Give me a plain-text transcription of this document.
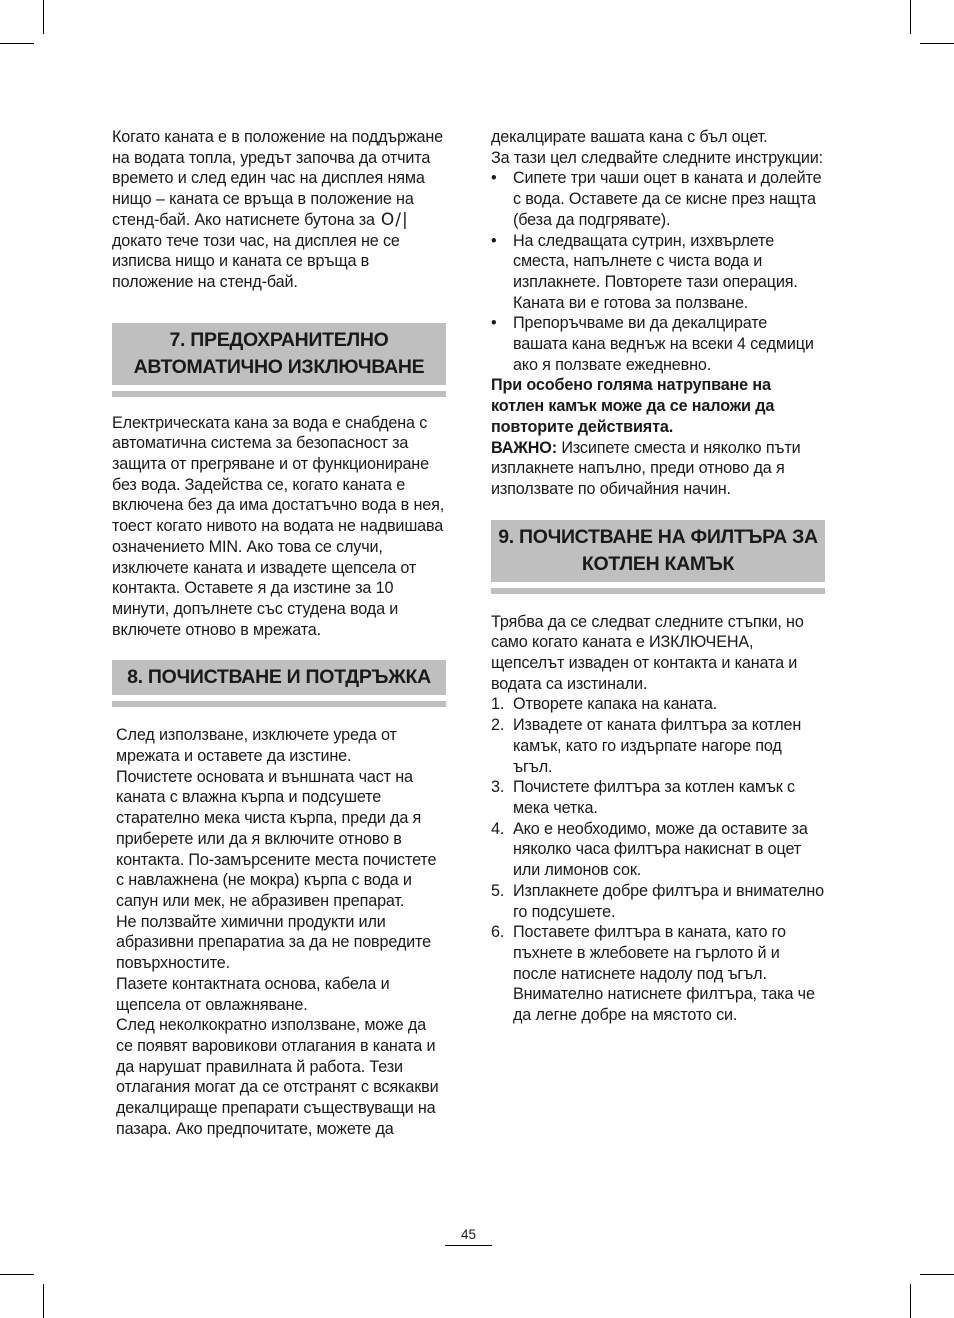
Когато каната е в положение на поддържане на водата топла, уредът започва да отчита времето и след един час на дисплея няма нищо – каната се връща в положение на стенд-бай. Ако натиснете бутона за O/|докато тече този час, на дисплея не се изписва нищо и каната се връща в положение на стенд-бай.

7. ПРЕДОХРАНИТЕЛНО
АВТОМАТИЧНО ИЗКЛЮЧВАНЕ

Електрическата кана за вода е снабдена с автоматична система за безопасност за защита от прегряване и от функциониране без вода. Задейства се, когато каната е включена без да има достатъчно вода в нея, тоест когато нивото на водата не надвишава означението MIN. Ако това се случи, изключете каната и извадете щепсела от контакта. Оставете я да изстине за 10 минути, допълнете със студена вода и включете отново в мрежата.

8. ПОЧИСТВАНЕ И ПОТДРЪЖКА

След използване, изключете уреда от мрежата и оставете да изстине.

Почистете основата и външната част на каната с влажна кърпа и подсушете старателно мека чиста кърпа, преди да я приберете или да я включите отново в контакта. По-замърсените места почистете с навлажнена (не мокра) кърпа с вода и сапун или мек, не абразивен препарат.

Не ползвайте химични продукти или абразивни препаратиа за да не повредите повърхностите.

Пазете контактната основа, кабела и щепсела от овлажняване.

След неколкократно използване, може да се появят варовикови отлагания в каната и да нарушат правилната й работа. Тези отлагания могат да се отстранят с всякакви декалциращe препарати съществуващи на пазара. Ако предпочитате, можете да

декалцирате вашата кана с бъл оцет.

За тази цел следвайте следните инструкции:

• Сипете три чаши оцет в каната и долейте с вода. Оставете да се кисне през нащта (беза да подгрявате).
• На следващата сутрин, изхвърлете сместа, напълнете с чиста вода и изплакнете. Повторете тази операция. Каната ви е готова за ползване.
• Препоръчваме ви да декалцирате вашата кана веднъж на всеки 4 седмици ако я ползвате ежедневно.

При особено голяма натрупване на котлен камък може да се наложи да повторите действията.

ВАЖНО: Изсипете сместа и няколко пъти изплакнете напълно, преди отново да я използвате по обичайния начин.

9. ПОЧИСТВАНЕ НА ФИЛТЪРА ЗА
КОТЛЕН КАМЪК

Трябва да се следват следните стъпки, но само когато каната е ИЗКЛЮЧЕНА, щепселът изваден от контакта и каната и водата са изстинали.

1. Отворете капака на каната.
2. Извадете от каната филтъра за котлен камък, като го издърпате нагоре под ъгъл.
3. Почистете филтъра за котлен камък с мека четка.
4. Ако е необходимо, може да оставите за няколко часа филтъра накиснат в оцет или лимонов сок.
5. Изплакнете добре филтъра и внимателно го подсушете.
6. Поставете филтъра в каната, като го пъхнете в жлебовете на гърлото й и после натиснете надолу под ъгъл. Внимателно натиснете филтъра, така че да легне добре на мястото си.
45
